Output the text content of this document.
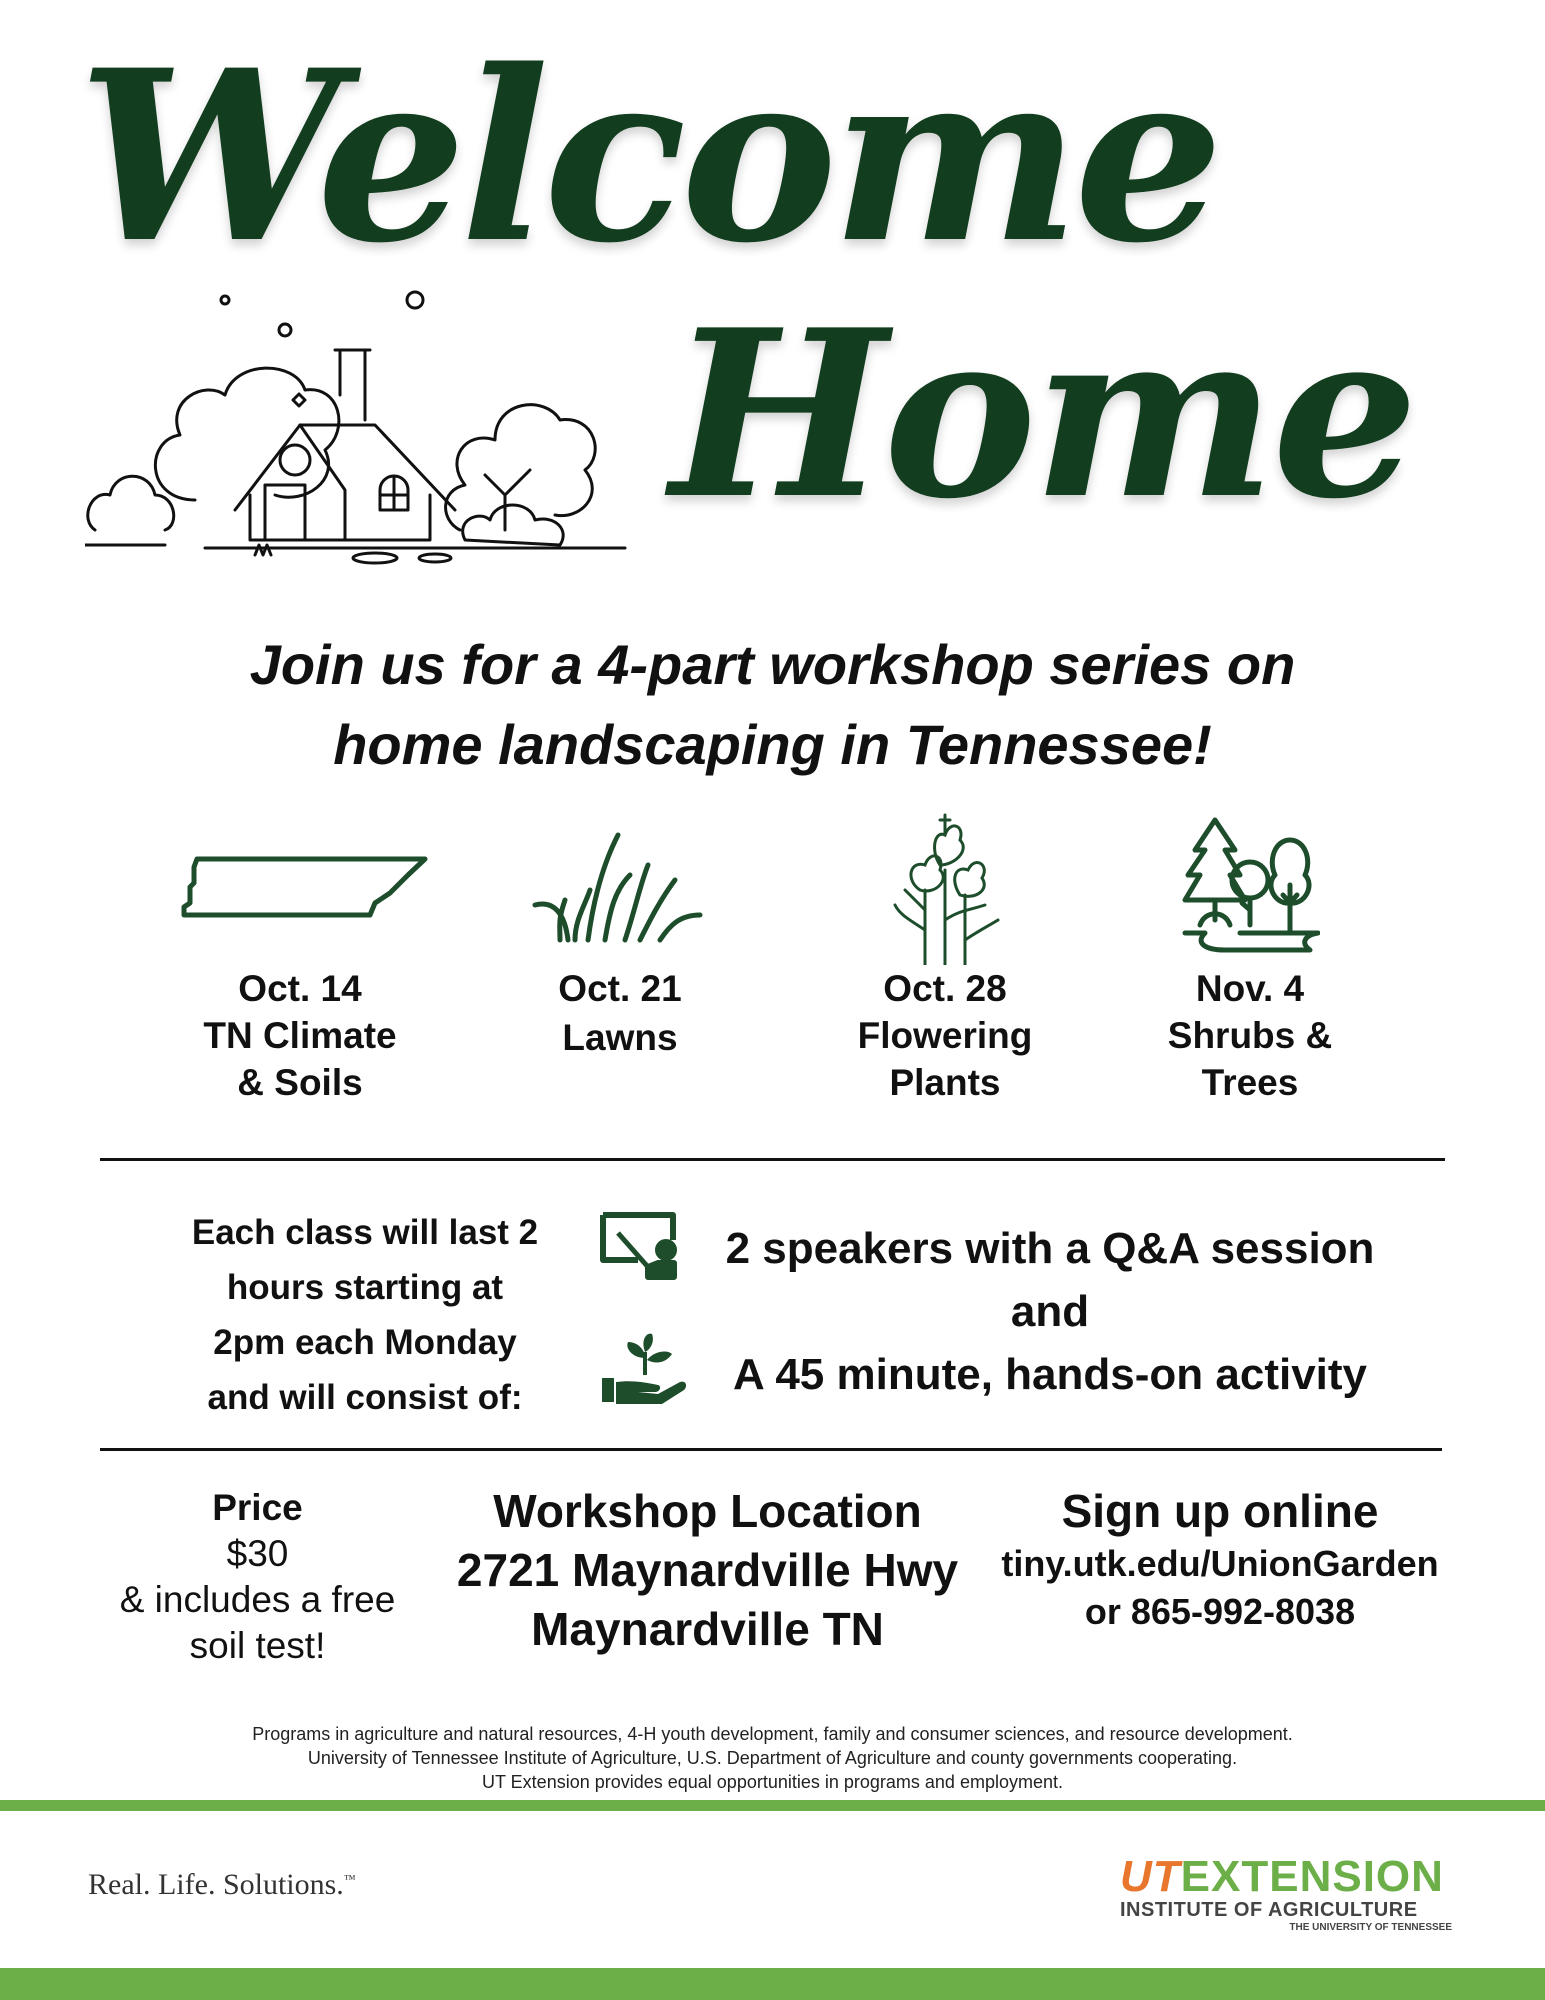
Welcome
Home
Join us for a 4-part workshop series on
home landscaping in Tennessee!
Oct. 14
TN Climate
& Soils
Oct. 21
Lawns
Oct. 28
Flowering
Plants
Nov. 4
Shrubs &
Trees
Each class will last 2
hours starting at
2pm each Monday
and will consist of:
2 speakers with a Q&A session
and
A 45 minute, hands-on activity
Price
$30
& includes a free
soil test!
Workshop Location
2721 Maynardville Hwy
Maynardville TN
Sign up online
tiny.utk.edu/UnionGarden
or 865-992-8038
Programs in agriculture and natural resources, 4-H youth development, family and consumer sciences, and resource development.
University of Tennessee Institute of Agriculture, U.S. Department of Agriculture and county governments cooperating.
UT Extension provides equal opportunities in programs and employment.
Real. Life. Solutions.™	UTEXTENSION
INSTITUTE OF AGRICULTURE
THE UNIVERSITY OF TENNESSEE
